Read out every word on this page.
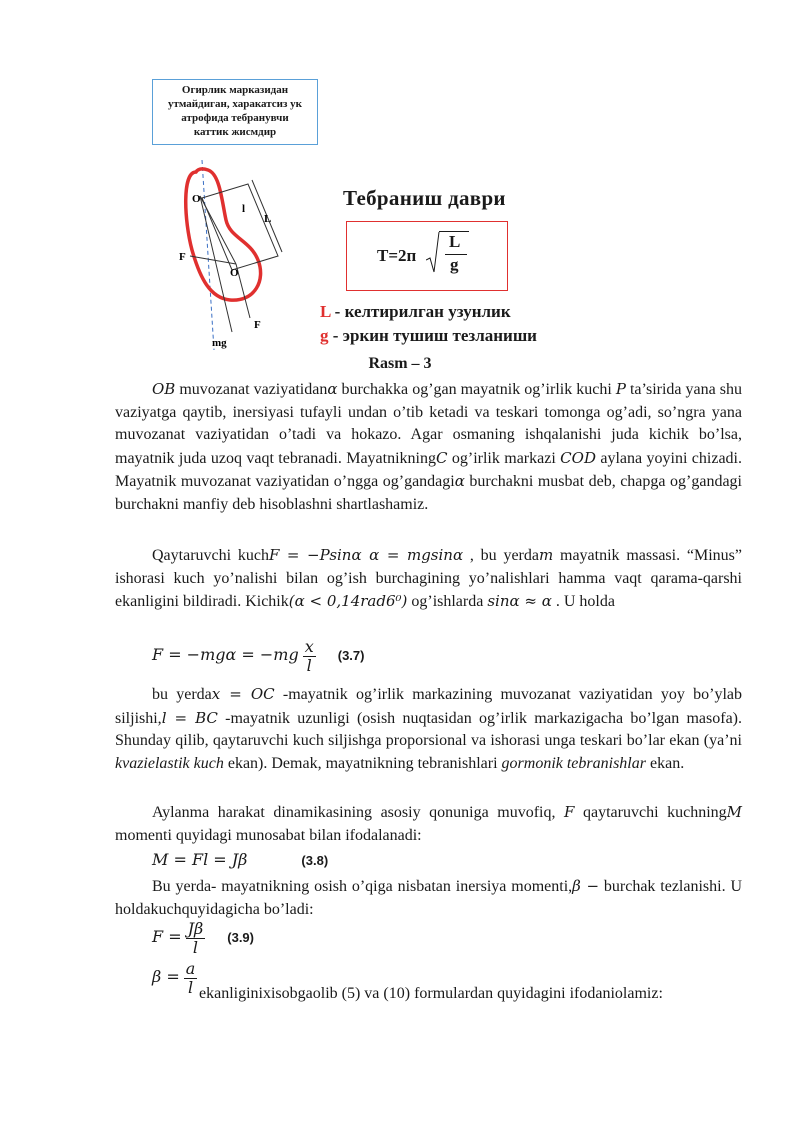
Огирлик марказидан
утмайдиган, харакатсиз ук
атрофида тебранувчи
каттик жисмдир
O
l
L
F
O
F
mg
Тебраниш даври
T=2п
L
g
L - келтирилган узунлик
g - эркин тушиш тезланиши
Rasm – 3
OB muvozanat vaziyatidanα burchakka og’gan mayatnik og’irlik kuchi P ta’sirida yana shu vaziyatga qaytib, inersiyasi tufayli undan o’tib ketadi va teskari tomonga og’adi, so’ngra yana muvozanat vaziyatidan o’tadi va hokazo. Agar osmaning ishqalanishi juda kichik bo’lsa, mayatnik juda uzoq vaqt tebranadi. MayatnikningC og’irlik markazi COD aylana yoyini chizadi. Mayatnik muvozanat vaziyatidan o’ngga og’gandagiα burchakni musbat deb, chapga og’gandagi burchakni manfiy deb hisoblashni shartlashamiz.
Qaytaruvchi kuchF = −Psinα α = mgsinα , bu yerdam mayatnik massasi. “Minus” ishorasi kuch yo’nalishi bilan og’ish burchagining yo’nalishlari hamma vaqt qarama-qarshi ekanligini bildiradi. Kichik(α < 0,14rad6⁰) og’ishlarda sinα ≈ α . U holda
$F = -mg\alpha = -mg \frac{x}{l} (3.7)$
bu yerdax = OC -mayatnik og’irlik markazining muvozanat vaziyatidan yoy bo’ylab siljishi,l = BC -mayatnik uzunligi (osish nuqtasidan og’irlik markazigacha bo’lgan masofa). Shunday qilib, qaytaruvchi kuch siljishga proporsional va ishorasi unga teskari bo’lar ekan (ya’ni kvazielastik kuch ekan). Demak, mayatnikning tebranishlari gormonik tebranishlar ekan.
Aylanma harakat dinamikasining asosiy qonuniga muvofiq, F qaytaruvchi kuchningM momenti quyidagi munosabat bilan ifodalanadi:
M = Fl = Jβ	(3.8)
Bu yerda- mayatnikning osish o’qiga nisbatan inersiya momenti,β − burchak tezlanishi. U holdakuchquyidagicha bo’ladi:
$F = \frac{J\beta}{l} (3.9)$
$\beta = \frac{a}{l}$ ekanliginixisobgaolib (5) va (10) formulardan quyidagini ifodaniolamiz:
